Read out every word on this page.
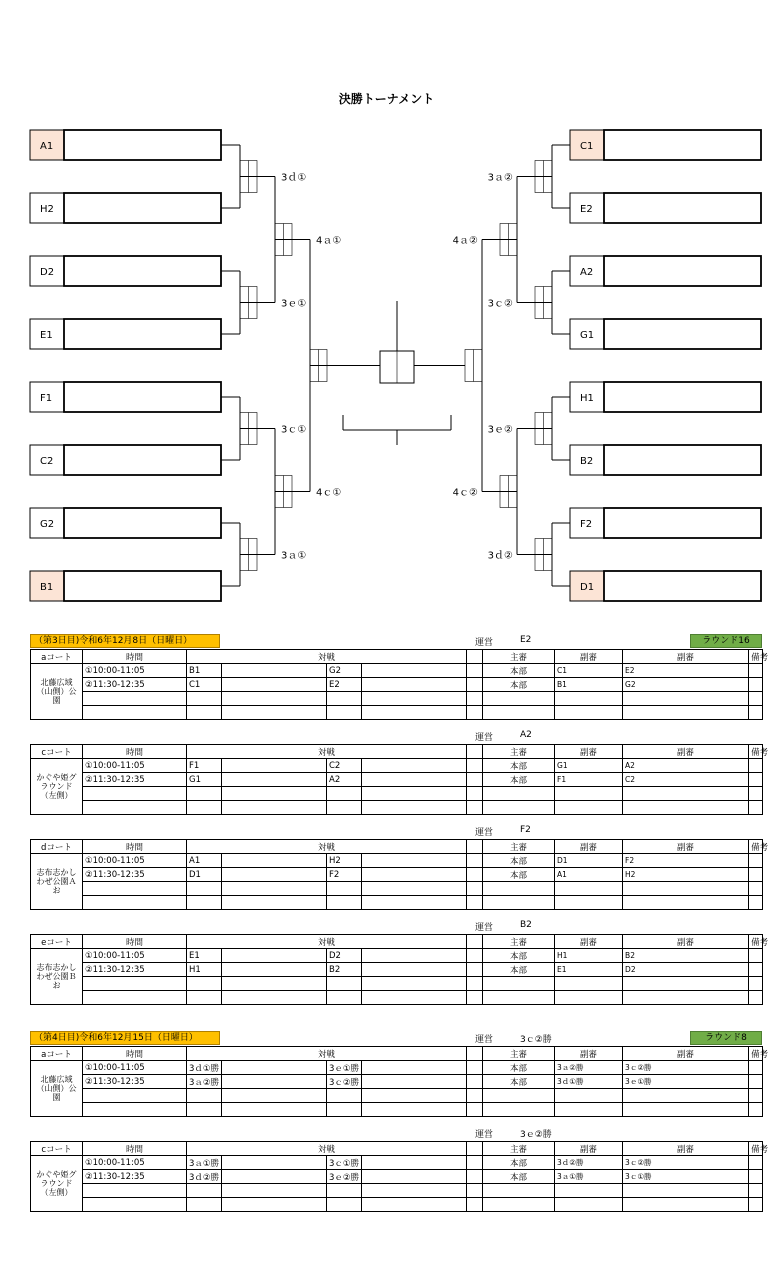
決勝トーナメント
A1
H2
D2
E1
F1
C2
G2
B1
C1
E2
A2
G1
H1
B2
F2
D1
3ｄ①
3ｅ①
3ｃ①
3ａ①
4ａ①
4ｃ①
3ａ②
3ｃ②
3ｅ②
3ｄ②
4ａ②
4ｃ②
（第3日目)令和6年12月8日（日曜日）	ラウンド16
運営	E2
aコート	時間	対戦					主審	副審	副審	備考
北藤広域（山側）公園	①10:00-11:05	B1		G2			本部	C1	E2	
	②11:30-12:35	C1		E2			本部	B1	G2	

運営	A2
cコート	時間	対戦					主審	副審	副審	備考
かぐや姫グラウンド（左側）	①10:00-11:05	F1		C2			本部	G1	A2	
	②11:30-12:35	G1		A2			本部	F1	C2	

運営	F2
dコート	時間	対戦					主審	副審	副審	備考
志布志かしわぜ公園Ａお	①10:00-11:05	A1		H2			本部	D1	F2	
	②11:30-12:35	D1		F2			本部	A1	H2	

運営	B2
eコート	時間	対戦					主審	副審	副審	備考
志布志かしわぜ公園Ｂお	①10:00-11:05	E1		D2			本部	H1	B2	
	②11:30-12:35	H1		B2			本部	E1	D2	

（第4日目)令和6年12月15日（日曜日）	ラウンド8
運営	3ｃ②勝
aコート	時間	対戦					主審	副審	副審	備考
北藤広域（山側）公園	①10:00-11:05	3ｄ①勝		3ｅ①勝			本部	3ａ②勝	3ｃ②勝	
	②11:30-12:35	3ａ②勝		3ｃ②勝			本部	3ｄ①勝	3ｅ①勝	

運営	3ｅ②勝
cコート	時間	対戦					主審	副審	副審	備考
かぐや姫グラウンド（左側）	①10:00-11:05	3ａ①勝		3ｃ①勝			本部	3ｄ②勝	3ｃ②勝	
	②11:30-12:35	3ｄ②勝		3ｅ②勝			本部	3ａ①勝	3ｃ①勝	
